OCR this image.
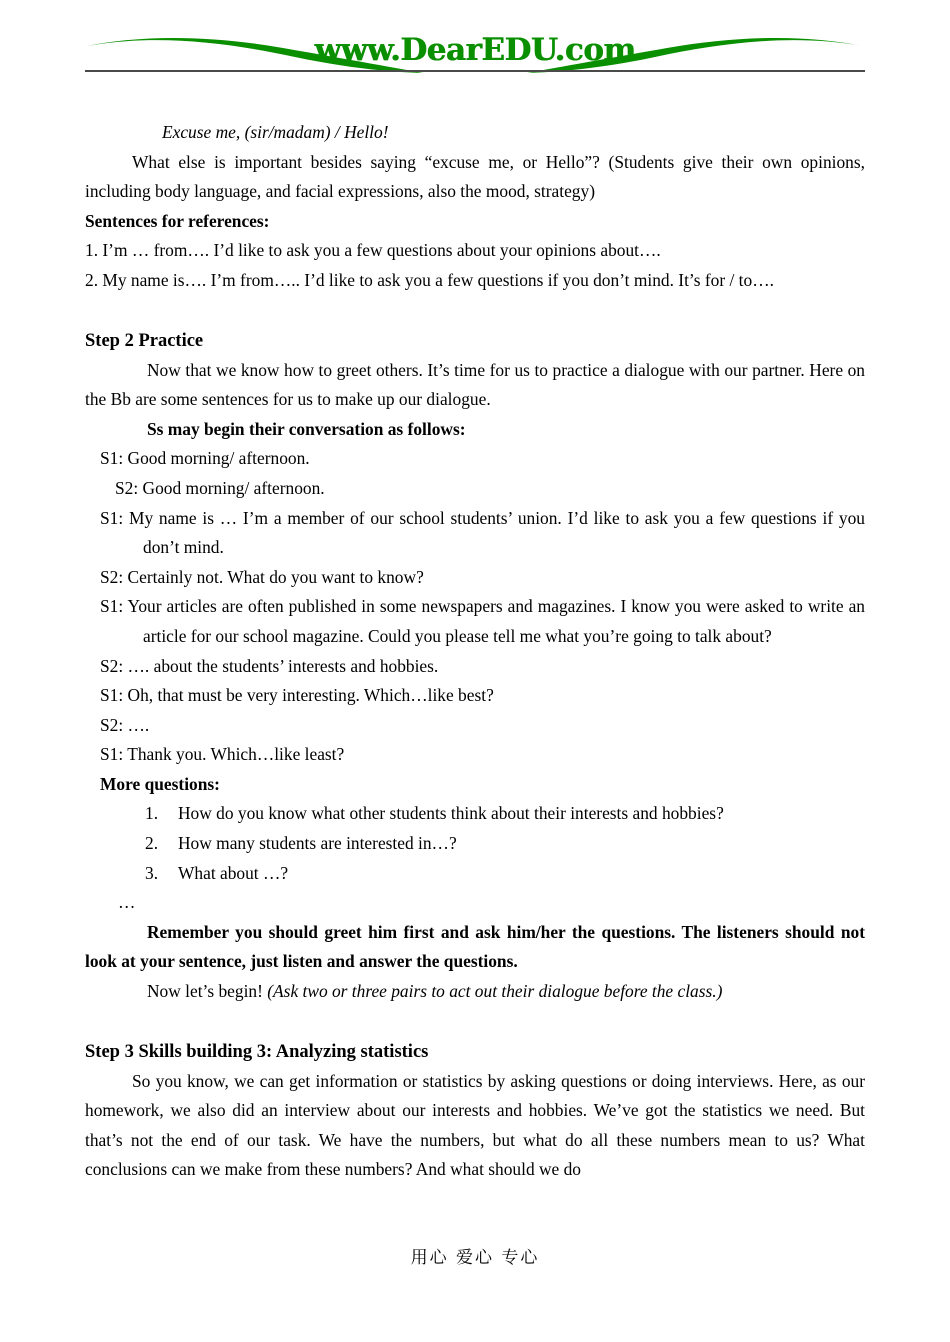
www.DearEDU.com
Excuse me, (sir/madam) / Hello!

What else is important besides saying “excuse me, or Hello”? (Students give their own opinions, including body language, and facial expressions, also the mood, strategy)

Sentences for references:

1. I’m … from…. I’d like to ask you a few questions about your opinions about….

2. My name is…. I’m from….. I’d like to ask you a few questions if you don’t mind. It’s for / to….

Step 2 Practice

Now that we know how to greet others. It’s time for us to practice a dialogue with our partner. Here on the Bb are some sentences for us to make up our dialogue.

Ss may begin their conversation as follows:

S1: Good morning/ afternoon.

S2: Good morning/ afternoon.

S1: My name is … I’m a member of our school students’ union. I’d like to ask you a few questions if you don’t mind.

S2: Certainly not. What do you want to know?

S1: Your articles are often published in some newspapers and magazines. I know you were asked to write an article for our school magazine. Could you please tell me what you’re going to talk about?

S2: …. about the students’ interests and hobbies.

S1: Oh, that must be very interesting. Which…like best?

S2: ….

S1: Thank you. Which…like least?

More questions:

1. How do you know what other students think about their interests and hobbies?
2. How many students are interested in…?
3. What about …?

…

Remember you should greet him first and ask him/her the questions. The listeners should not look at your sentence, just listen and answer the questions.

Now let’s begin! (Ask two or three pairs to act out their dialogue before the class.)

Step 3 Skills building 3: Analyzing statistics

So you know, we can get information or statistics by asking questions or doing interviews. Here, as our homework, we also did an interview about our interests and hobbies. We’ve got the statistics we need. But that’s not the end of our task. We have the numbers, but what do all these numbers mean to us? What conclusions can we make from these numbers? And what should we do

用心 爱心 专心
